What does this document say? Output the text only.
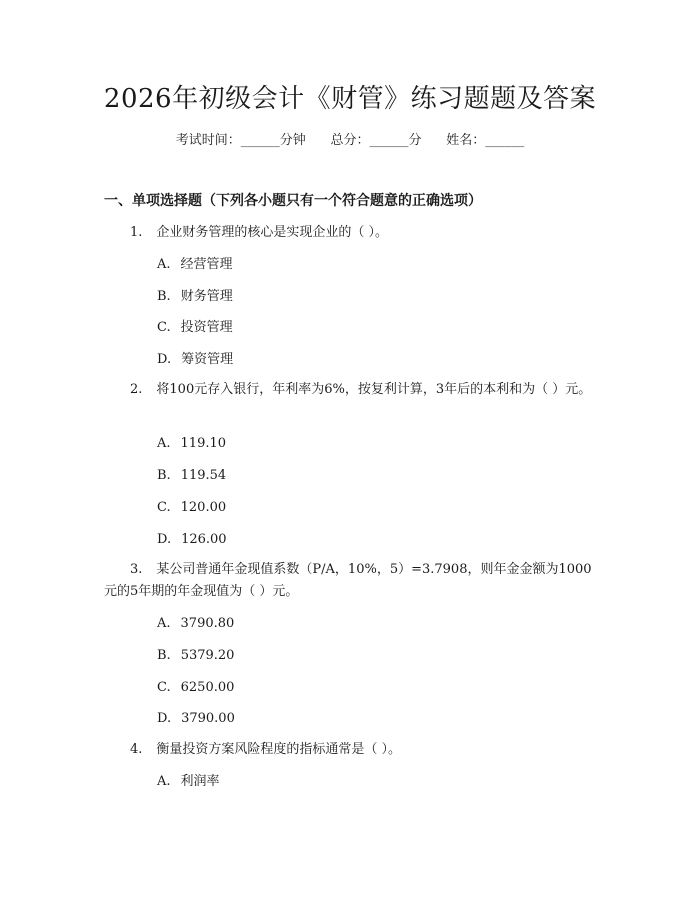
2026年初级会计《财管》练习题题及答案
考试时间：______分钟      总分：______分      姓名：______
一、单项选择题（下列各小题只有一个符合题意的正确选项）
1. 企业财务管理的核心是实现企业的（ ）。
A. 经营管理
B. 财务管理
C. 投资管理
D. 筹资管理
2. 将100元存入银行，年利率为6%，按复利计算，3年后的本利和为（ ）元。
A. 119.10
B. 119.54
C. 120.00
D. 126.00
3. 某公司普通年金现值系数（P/A，10%，5）=3.7908，则年金金额为1000元的5年期的年金现值为（ ）元。
A. 3790.80
B. 5379.20
C. 6250.00
D. 3790.00
4. 衡量投资方案风险程度的指标通常是（ ）。
A. 利润率
